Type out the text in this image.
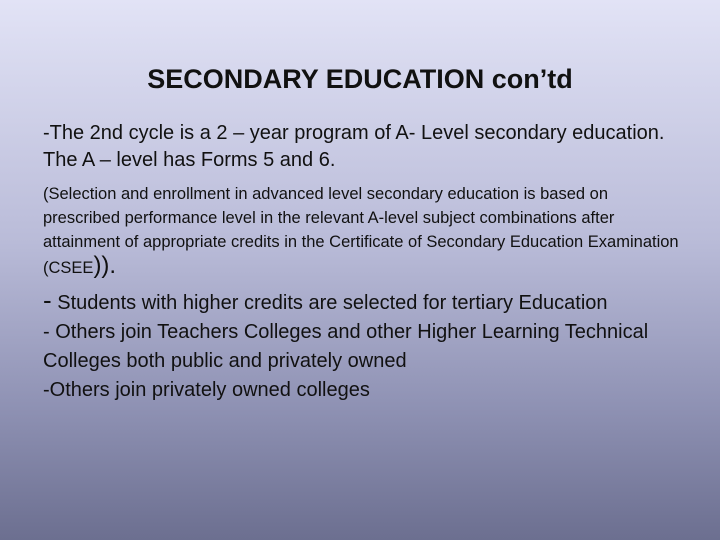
SECONDARY EDUCATION con’td

-The 2nd cycle is a 2 – year program of A- Level secondary education. The A – level has Forms 5 and 6.

(Selection and enrollment in advanced level secondary education is based on prescribed performance level in the relevant A-level subject combinations after attainment of appropriate credits in the Certificate of Secondary Education Examination (CSEE)).

- Students with higher credits are selected for tertiary Education

- Others join Teachers Colleges and other Higher Learning Technical Colleges both public and privately owned

-Others join privately owned colleges
